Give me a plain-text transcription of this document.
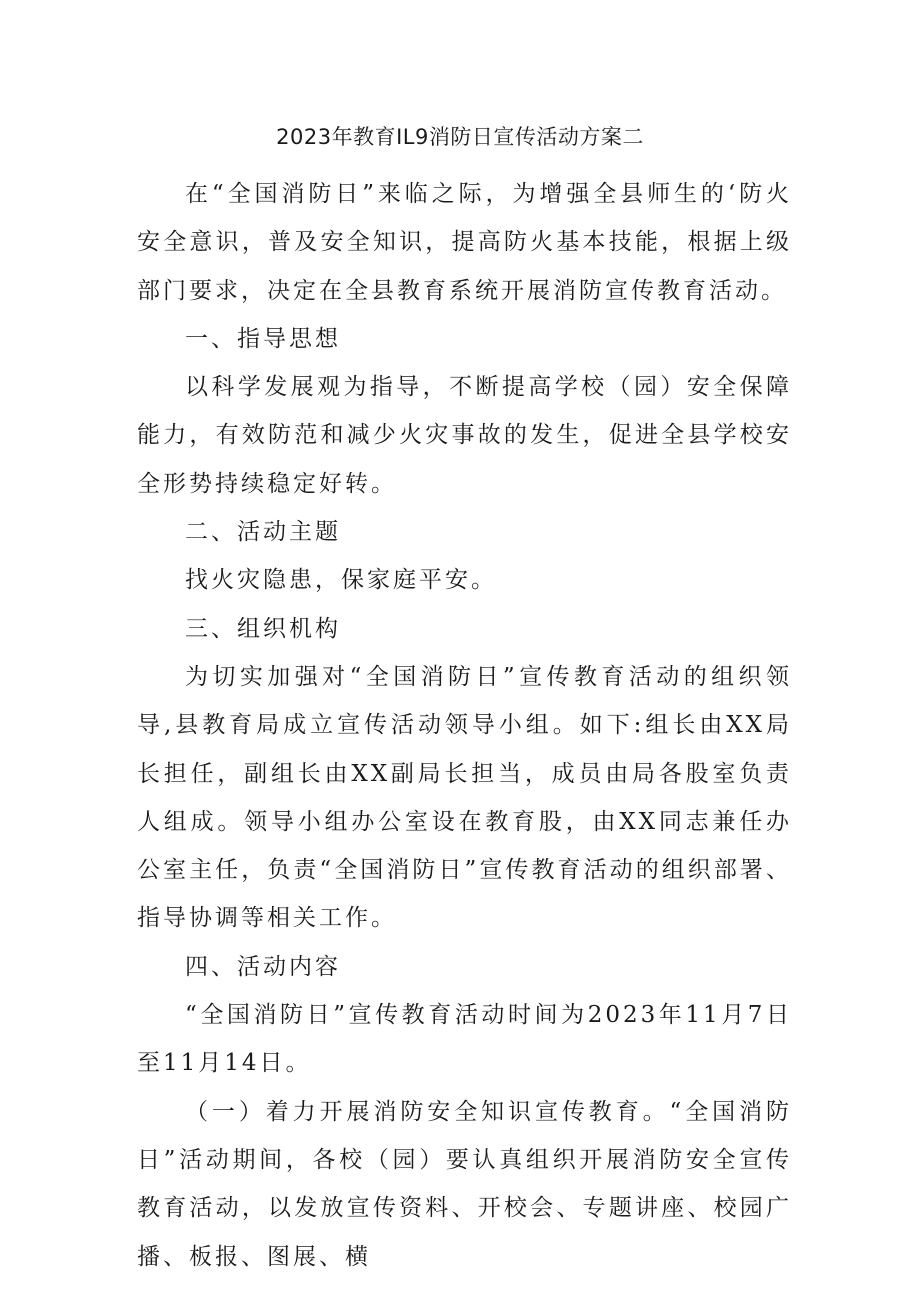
2023年教育IL9消防日宣传活动方案二

在“全国消防日”来临之际，为增强全县师生的‘防火安全意识，普及安全知识，提高防火基本技能，根据上级部门要求，决定在全县教育系统开展消防宣传教育活动。

一、指导思想

以科学发展观为指导，不断提高学校（园）安全保障能力，有效防范和减少火灾事故的发生，促进全县学校安全形势持续稳定好转。

二、活动主题

找火灾隐患，保家庭平安。

三、组织机构

为切实加强对“全国消防日”宣传教育活动的组织领导,县教育局成立宣传活动领导小组。如下:组长由XX局长担任，副组长由XX副局长担当，成员由局各股室负责人组成。领导小组办公室设在教育股，由XX同志兼任办公室主任，负责“全国消防日”宣传教育活动的组织部署、指导协调等相关工作。

四、活动内容

“全国消防日”宣传教育活动时间为2023年11月7日至11月14日。

（一）着力开展消防安全知识宣传教育。“全国消防日”活动期间，各校（园）要认真组织开展消防安全宣传教育活动，以发放宣传资料、开校会、专题讲座、校园广播、板报、图展、横
